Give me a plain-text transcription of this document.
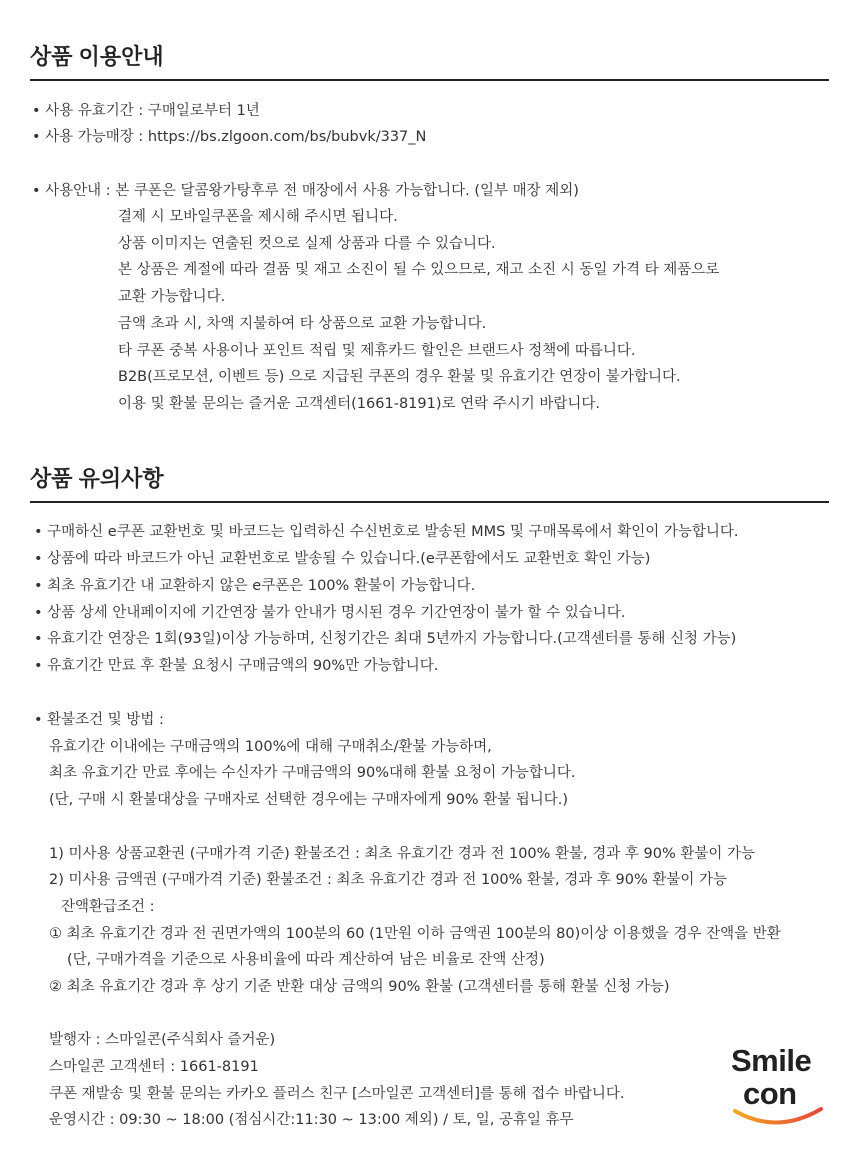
상품 이용안내
• 사용 유효기간 : 구매일로부터 1년
• 사용 가능매장 : https://bs.zlgoon.com/bs/bubvk/337_N
• 사용안내 : 본 쿠폰은 달콤왕가탕후루 전 매장에서 사용 가능합니다. (일부 매장 제외)
결제 시 모바일쿠폰을 제시해 주시면 됩니다.
상품 이미지는 연출된 컷으로 실제 상품과 다를 수 있습니다.
본 상품은 계절에 따라 결품 및 재고 소진이 될 수 있으므로, 재고 소진 시 동일 가격 타 제품으로
교환 가능합니다.
금액 초과 시, 차액 지불하여 타 상품으로 교환 가능합니다.
타 쿠폰 중복 사용이나 포인트 적립 및 제휴카드 할인은 브랜드사 정책에 따릅니다.
B2B(프로모션, 이벤트 등) 으로 지급된 쿠폰의 경우 환불 및 유효기간 연장이 불가합니다.
이용 및 환불 문의는 즐거운 고객센터(1661-8191)로 연락 주시기 바랍니다.
상품 유의사항
• 구매하신 e쿠폰 교환번호 및 바코드는 입력하신 수신번호로 발송된 MMS 및 구매목록에서 확인이 가능합니다.
• 상품에 따라 바코드가 아닌 교환번호로 발송될 수 있습니다.(e쿠폰함에서도 교환번호 확인 가능)
• 최초 유효기간 내 교환하지 않은 e쿠폰은 100% 환불이 가능합니다.
• 상품 상세 안내페이지에 기간연장 불가 안내가 명시된 경우 기간연장이 불가 할 수 있습니다.
• 유효기간 연장은 1회(93일)이상 가능하며, 신청기간은 최대 5년까지 가능합니다.(고객센터를 통해 신청 가능)
• 유효기간 만료 후 환불 요청시 구매금액의 90%만 가능합니다.
• 환불조건 및 방법 :
유효기간 이내에는 구매금액의 100%에 대해 구매취소/환불 가능하며,
최초 유효기간 만료 후에는 수신자가 구매금액의 90%대해 환불 요청이 가능합니다.
(단, 구매 시 환불대상을 구매자로 선택한 경우에는 구매자에게 90% 환불 됩니다.)
1) 미사용 상품교환권 (구매가격 기준) 환불조건 : 최초 유효기간 경과 전 100% 환불, 경과 후 90% 환불이 가능
2) 미사용 금액권 (구매가격 기준) 환불조건 : 최초 유효기간 경과 전 100% 환불, 경과 후 90% 환불이 가능
잔액환급조건 :
① 최초 유효기간 경과 전 권면가액의 100분의 60 (1만원 이하 금액권 100분의 80)이상 이용했을 경우 잔액을 반환
(단, 구매가격을 기준으로 사용비율에 따라 계산하여 남은 비율로 잔액 산정)
② 최초 유효기간 경과 후 상기 기준 반환 대상 금액의 90% 환불 (고객센터를 통해 환불 신청 가능)
발행자 : 스마일콘(주식회사 즐거운)
스마일콘 고객센터 : 1661-8191
쿠폰 재발송 및 환불 문의는 카카오 플러스 친구 [스마일콘 고객센터]를 통해 접수 바랍니다.
운영시간 : 09:30 ~ 18:00 (점심시간:11:30 ~ 13:00 제외) / 토, 일, 공휴일 휴무
Smile
con
